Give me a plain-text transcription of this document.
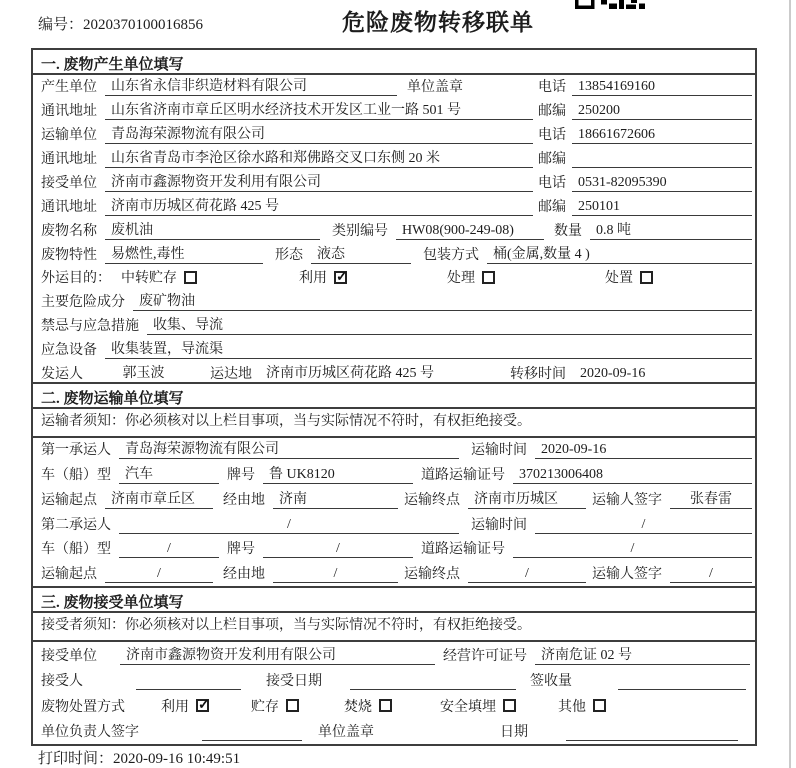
编号：2020370100016856	危险废物转移联单
一. 废物产生单位填写
产生单位	山东省永信非织造材料有限公司	单位盖章	电话 13854169160
通讯地址	山东省济南市章丘区明水经济技术开发区工业一路 501 号	邮编 250200
运输单位	青岛海荣源物流有限公司	电话 18661672606
通讯地址	山东省青岛市李沧区徐水路和郑佛路交叉口东侧 20 米	邮编
接受单位	济南市鑫源物资开发利用有限公司	电话 0531-82095390
通讯地址	济南市历城区荷花路 425 号	邮编 250101
废物名称	废机油	类别编号	HW08(900-249-08)	数量	0.8 吨
废物特性	易燃性,毒性	形态	液态	包装方式	桶(金属,数量 4 )
外运目的： 中转贮存	利用 ✓	处理	处置
主要危险成分	废矿物油
禁忌与应急措施	收集、导流
应急设备	收集装置，导流渠
发运人	郭玉波	运达地	济南市历城区荷花路 425 号	转移时间	2020-09-16
二. 废物运输单位填写
运输者须知：你必须核对以上栏目事项，当与实际情况不符时，有权拒绝接受。
第一承运人	青岛海荣源物流有限公司	运输时间	2020-09-16
车（船）型	汽车	牌号	鲁 UK8120	道路运输证号	370213006408
运输起点	济南市章丘区	经由地	济南	运输终点	济南市历城区	运输人签字	张春雷
第二承运人	/	运输时间	/
车（船）型	/	牌号	/	道路运输证号	/
运输起点	/	经由地	/	运输终点	/	运输人签字	/
三. 废物接受单位填写
接受者须知：你必须核对以上栏目事项，当与实际情况不符时，有权拒绝接受。
接受单位	济南市鑫源物资开发利用有限公司	经营许可证号	济南危证 02 号
接受人	接受日期	签收量
废物处置方式	利用 ✓	贮存	焚烧	安全填埋	其他
单位负责人签字	单位盖章	日期
打印时间：2020-09-16 10:49:51
